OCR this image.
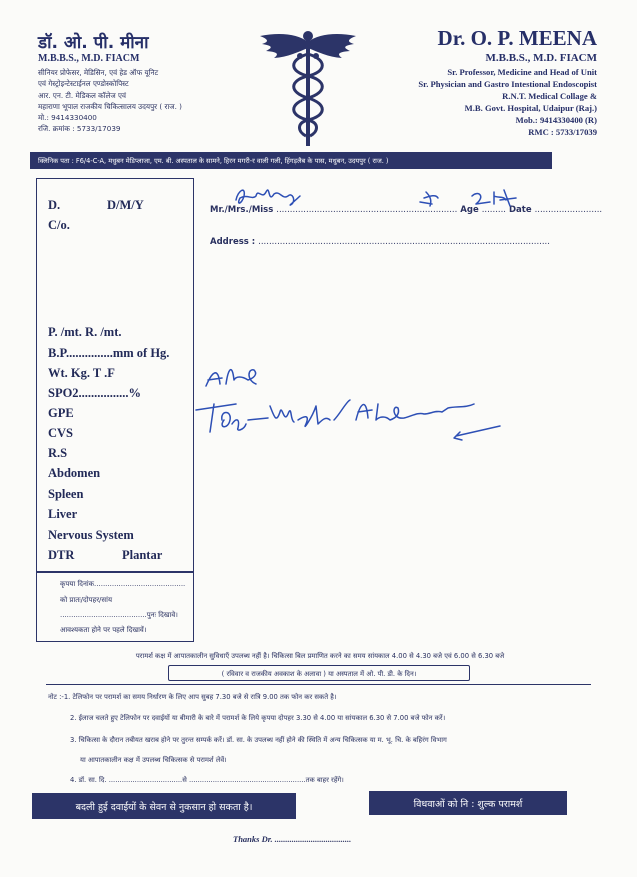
डॉ. ओ. पी. मीना
M.B.B.S., M.D. FIACM
सीनियर प्रोफेसर, मेडिसिन, एवं हेड ऑफ यूनिट
एवं गेस्ट्रोइन्टेस्टाईनल एण्डोस्कोपिस्ट
आर. एन. टी. मेडिकल कॉलेज एवं
महाराणा भूपाल राजकीय चिकित्सालय उदयपुर ( राज. )
मो.: 9414330400
रजि. क्रमांक : 5733/17039
Dr. O. P. MEENA
M.B.B.S., M.D. FIACM
Sr. Professor, Medicine and Head of Unit
Sr. Physician and Gastro Intestional Endoscopist
R.N.T. Medical Collage &
M.B. Govt. Hospital, Udaipur (Raj.)
Mob.: 9414330400 (R)
RMC : 5733/17039
क्लिनिक पता : F6/4-C-A, मधुबन मेडिप्लाजा, एम. बी. अस्पताल के सामने, हिरन मगरी-र वाली गली, हिंगड़लैब के पास, मधुबन, उदयपुर ( राज. )
D.	D/M/Y
C/o.
P. /mt. R. /mt.
B.P...............mm of Hg.
Wt. Kg. T .F
SPO2................%
GPE
CVS
R.S
Abdomen
Spleen
Liver
Nervous System
DTR	Plantar
कृपया दिनांक.........................................
को प्रातः/दोपहर/सांय
.......................................पुनः दिखावे।
आवश्यकता होने पर पहले दिखावें।
Mr./Mrs./Miss ................................................................... Age ......... Date .........................
Address : ............................................................................................................
परामर्श कक्ष में आपातकालीन सुविधाएँ उपलब्ध नहीं है। चिकित्सा बिल प्रमाणित करने का समय सांयकाल 4.00 से 4.30 बजे एवं 6.00 से 6.30 बजे
( रविवार व राजकीय अवकाश के अलावा ) या अस्पताल में ओ. पी. डी. के दिन।
नोट :-1. टेलिफोन पर परामर्श का समय निर्धारण के लिए आप सुबह 7.30 बजे से रात्रि 9.00 तक फोन कर सकते है।
2. ईलाज चलते हुए टेलिफोन पर दवाईयों या बीमारी के बारे में परामर्श के लिये कृपया दोपहर 3.30 से 4.00 या सांयकाल 6.30 से 7.00 बजे फोन करें।
3. चिकित्सा के दौरान तबीयत खराब होने पर तुरन्त सम्पर्क करें। डॉ. सा. के उपलब्ध नहीं होने की स्थिति में अन्य चिकित्सक या म. भू. चि. के बहिरंग विभाग
या आपातकालीन कक्ष में उपलब्ध चिकित्सक से परामर्श लेवें।
4. डॉ. सा. दि. ..................................से ......................................................तक बाहर रहेंगे।
बदली हुई दवाईयों के सेवन से नुकसान हो सकता है।	विधवाओं को नि : शुल्क परामर्श
Thanks Dr. ....................................
